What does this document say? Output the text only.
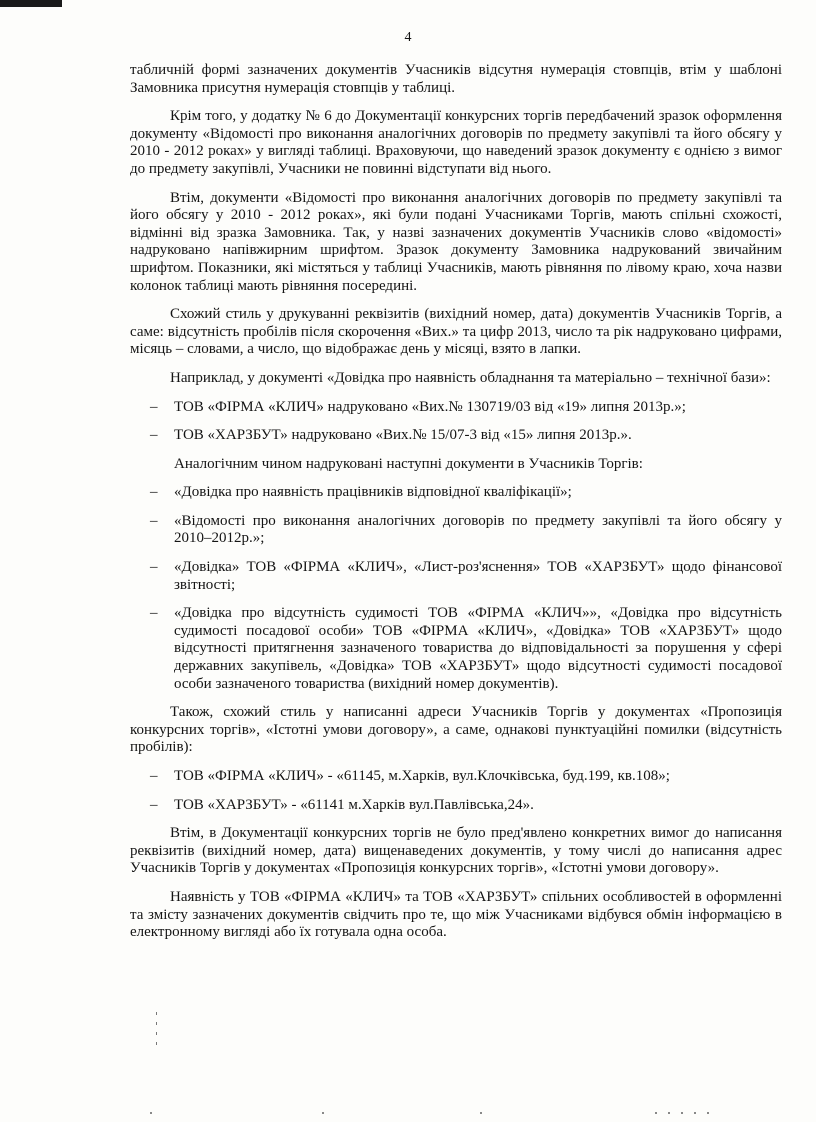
4

табличній формі зазначених документів Учасників відсутня нумерація стовпців, втім у шаблоні Замовника присутня нумерація стовпців у таблиці.

Крім того, у додатку № 6 до Документації конкурсних торгів передбачений зразок оформлення документу «Відомості про виконання аналогічних договорів по предмету закупівлі та його обсягу у 2010 - 2012 роках» у вигляді таблиці. Враховуючи, що наведений зразок документу є однією з вимог до предмету закупівлі, Учасники не повинні відступати від нього.

Втім, документи «Відомості про виконання аналогічних договорів по предмету закупівлі та його обсягу у 2010 - 2012 роках», які були подані Учасниками Торгів, мають спільні схожості, відмінні від зразка Замовника. Так, у назві зазначених документів Учасників слово «відомості» надруковано напівжирним шрифтом. Зразок документу Замовника надрукований звичайним шрифтом. Показники, які містяться у таблиці Учасників, мають рівняння по лівому краю, хоча назви колонок таблиці мають рівняння посередині.

Схожий стиль у друкуванні реквізитів (вихідний номер, дата) документів Учасників Торгів, а саме: відсутність пробілів після скорочення «Вих.» та цифр 2013, число та рік надруковано цифрами, місяць – словами, а число, що відображає день у місяці, взято в лапки.

Наприклад, у документі «Довідка про наявність обладнання та матеріально – технічної бази»:

– ТОВ «ФІРМА «КЛИЧ» надруковано «Вих.№ 130719/03 від «19» липня 2013р.»;
– ТОВ «ХАРЗБУТ» надруковано «Вих.№ 15/07-3 від «15» липня 2013р.».

Аналогічним чином надруковані наступні документи в Учасників Торгів:

– «Довідка про наявність працівників відповідної кваліфікації»;
– «Відомості про виконання аналогічних договорів по предмету закупівлі та його обсягу у 2010–2012р.»;
– «Довідка» ТОВ «ФІРМА «КЛИЧ», «Лист-роз'яснення» ТОВ «ХАРЗБУТ» щодо фінансової звітності;
– «Довідка про відсутність судимості ТОВ «ФІРМА «КЛИЧ»», «Довідка про відсутність судимості посадової особи» ТОВ «ФІРМА «КЛИЧ», «Довідка» ТОВ «ХАРЗБУТ» щодо відсутності притягнення зазначеного товариства до відповідальності за порушення у сфері державних закупівель, «Довідка» ТОВ «ХАРЗБУТ» щодо відсутності судимості посадової особи зазначеного товариства (вихідний номер документів).

Також, схожий стиль у написанні адреси Учасників Торгів у документах «Пропозиція конкурсних торгів», «Істотні умови договору», а саме, однакові пунктуаційні помилки (відсутність пробілів):

– ТОВ «ФІРМА «КЛИЧ» - «61145, м.Харків, вул.Клочківська, буд.199, кв.108»;
– ТОВ «ХАРЗБУТ» - «61141 м.Харків вул.Павлівська,24».

Втім, в Документації конкурсних торгів не було пред'явлено конкретних вимог до написання реквізитів (вихідний номер, дата) вищенаведених документів, у тому числі до написання адрес Учасників Торгів у документах «Пропозиція конкурсних торгів», «Істотні умови договору».

Наявність у ТОВ «ФІРМА «КЛИЧ» та ТОВ «ХАРЗБУТ» спільних особливостей в оформленні та змісту зазначених документів свідчить про те, що між Учасниками відбувся обмін інформацією в електронному вигляді або їх готувала одна особа.
